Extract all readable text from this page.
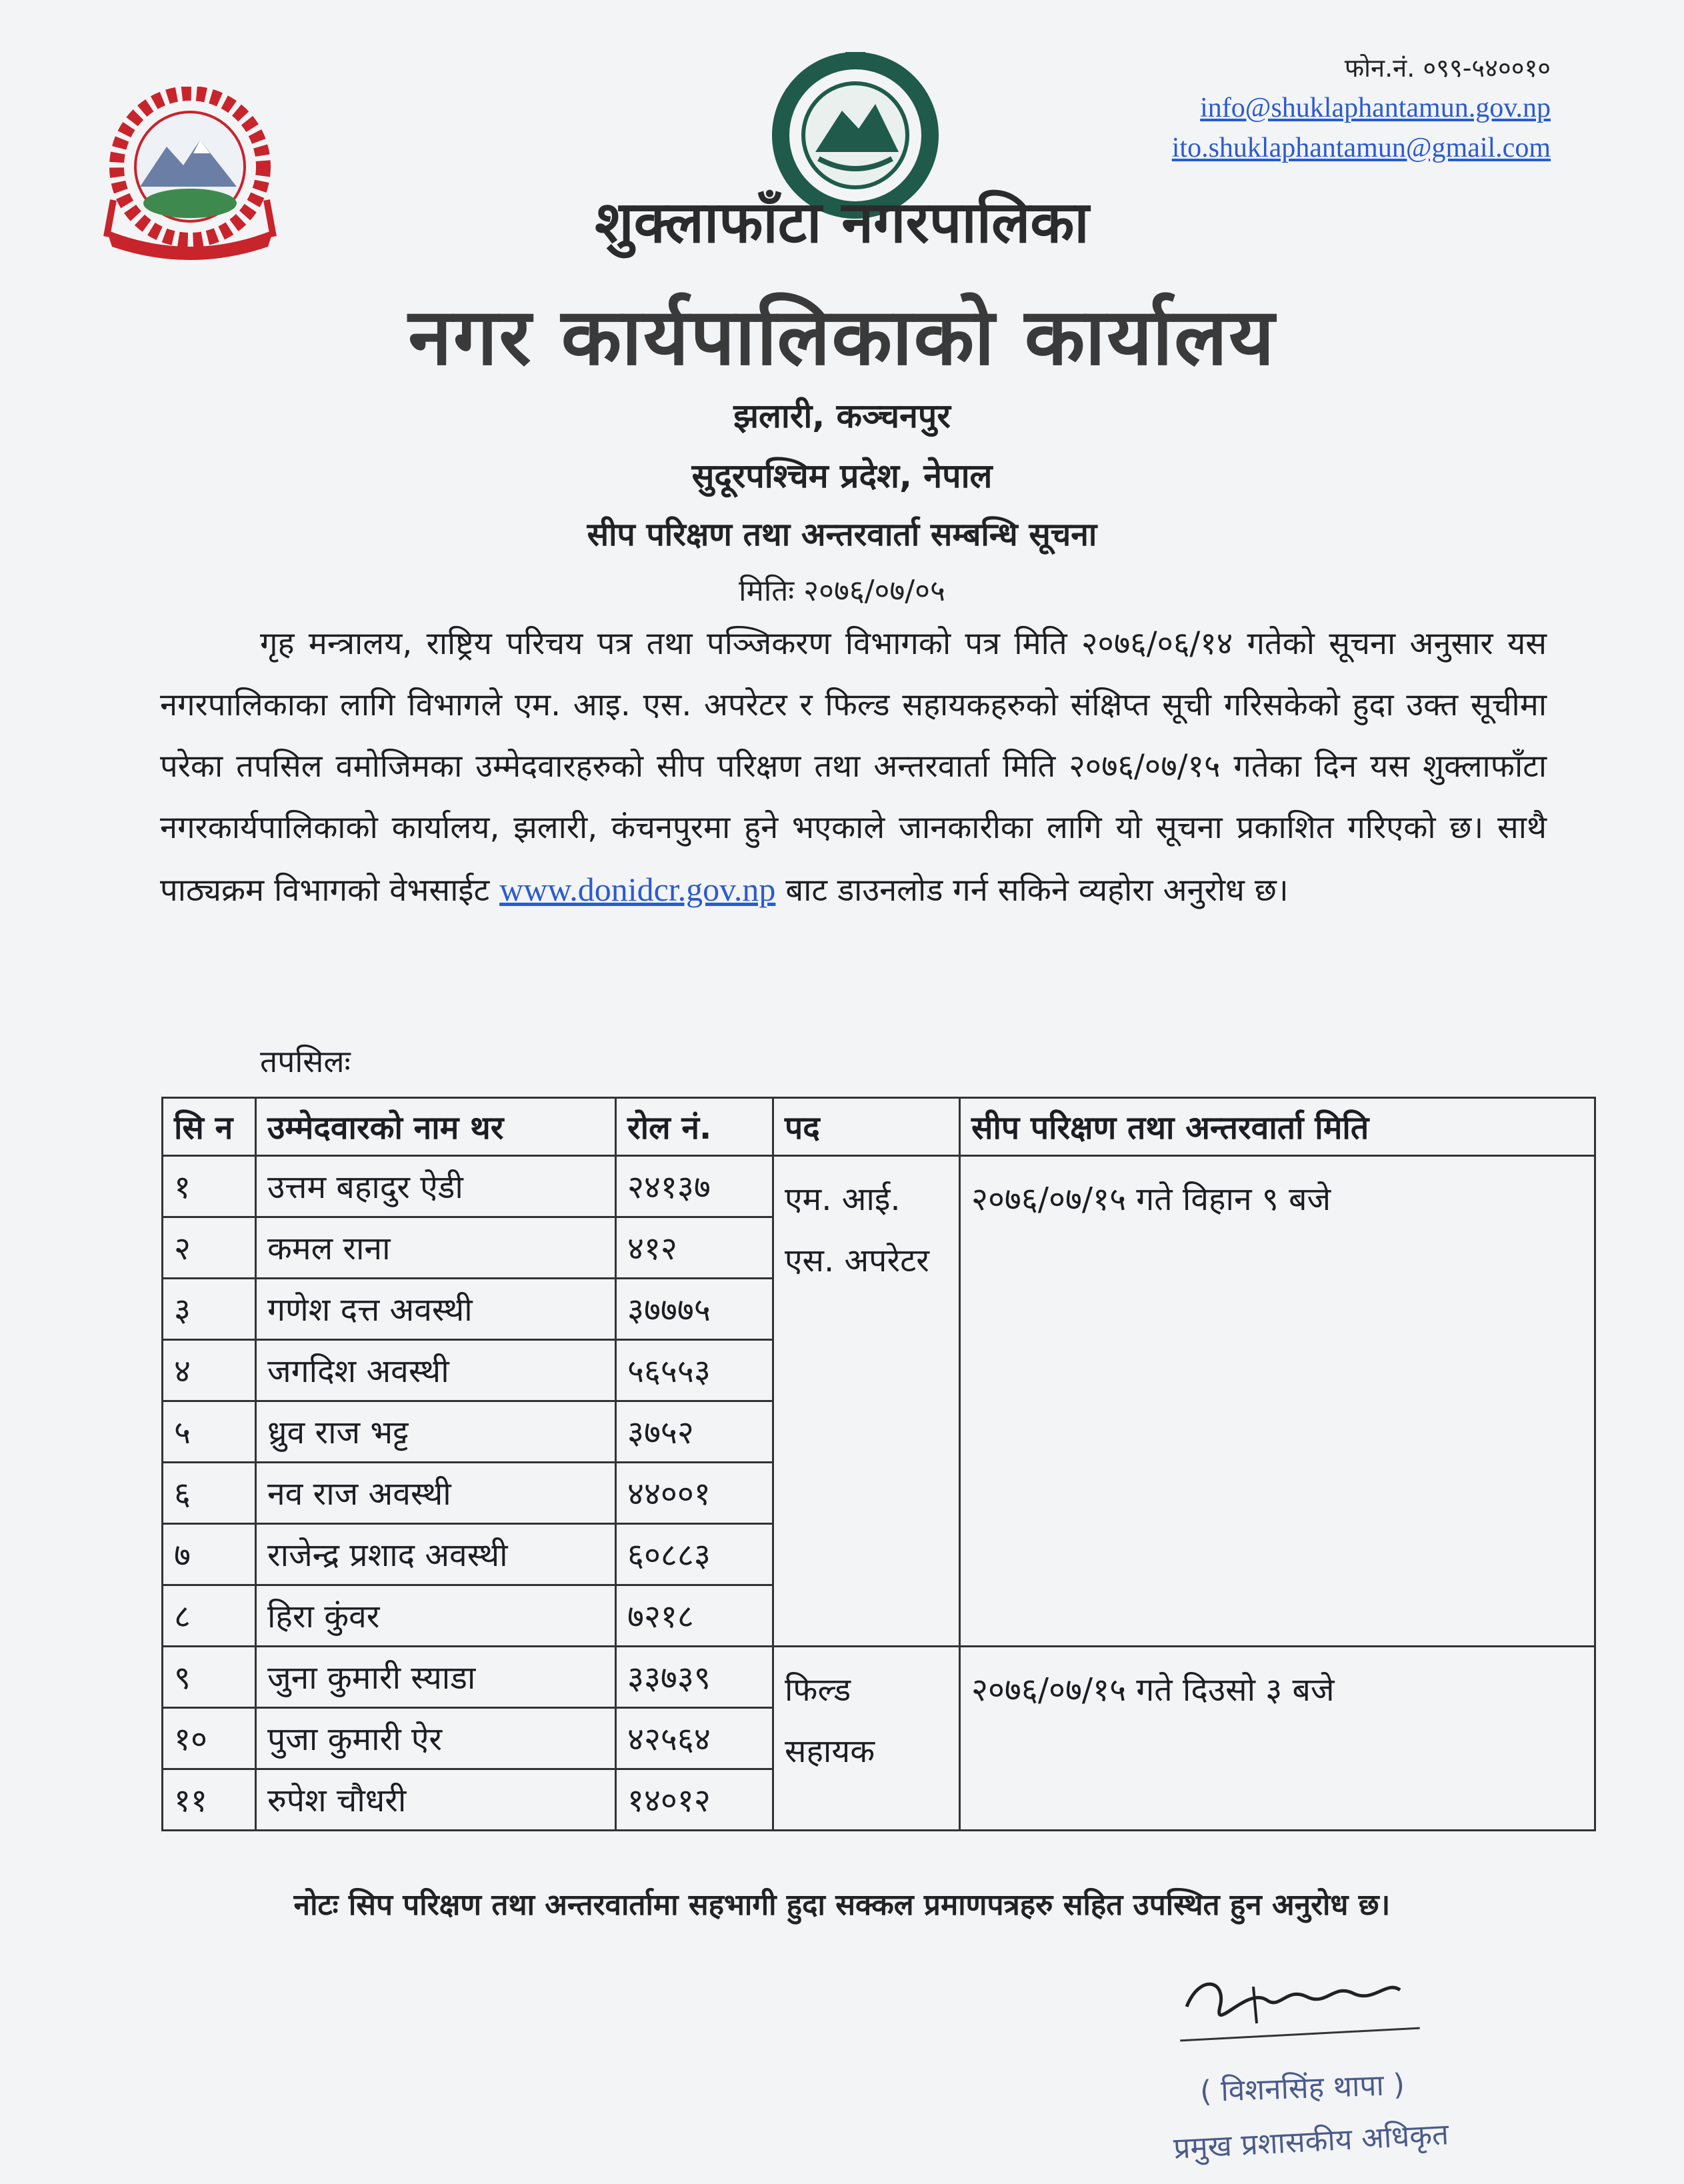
फोन.नं. ०९९-५४००१०
info@shuklaphantamun.gov.np
ito.shuklaphantamun@gmail.com
शुक्लाफाँटा नगरपालिका
नगर कार्यपालिकाको कार्यालय
झलारी, कञ्चनपुर
सुदूरपश्चिम प्रदेश, नेपाल
सीप परिक्षण तथा अन्तरवार्ता सम्बन्धि सूचना
मितिः २०७६/०७/०५
गृह मन्त्रालय, राष्ट्रिय परिचय पत्र तथा पञ्जिकरण विभागको पत्र मिति २०७६/०६/१४ गतेको सूचना अनुसार यस नगरपालिकाका लागि विभागले एम. आइ. एस. अपरेटर र फिल्ड सहायकहरुको संक्षिप्त सूची गरिसकेको हुदा उक्त सूचीमा परेका तपसिल वमोजिमका उम्मेदवारहरुको सीप परिक्षण तथा अन्तरवार्ता मिति २०७६/०७/१५ गतेका दिन यस शुक्लाफाँटा नगरकार्यपालिकाको कार्यालय, झलारी, कंचनपुरमा हुने भएकाले जानकारीका लागि यो सूचना प्रकाशित गरिएको छ। साथै पाठ्यक्रम विभागको वेभसाईट www.donidcr.gov.np बाट डाउनलोड गर्न सकिने व्यहोरा अनुरोध छ।
तपसिलः
सि न	उम्मेदवारको नाम थर	रोल नं.	पद	सीप परिक्षण तथा अन्तरवार्ता मिति
१	उत्तम बहादुर ऐडी	२४१३७	एम. आई. एस. अपरेटर	२०७६/०७/१५ गते विहान ९ बजे
२	कमल राना	४१२		
३	गणेश दत्त अवस्थी	३७७७५		
४	जगदिश अवस्थी	५६५५३		
५	ध्रुव राज भट्ट	३७५२		
६	नव राज अवस्थी	४४००१		
७	राजेन्द्र प्रशाद अवस्थी	६०८८३		
८	हिरा कुंवर	७२१८		
९	जुना कुमारी स्याडा	३३७३९	फिल्ड सहायक	२०७६/०७/१५ गते दिउसो ३ बजे
१०	पुजा कुमारी ऐर	४२५६४		
११	रुपेश चौधरी	१४०१२		
नोटः सिप परिक्षण तथा अन्तरवार्तामा सहभागी हुदा सक्कल प्रमाणपत्रहरु सहित उपस्थित हुन अनुरोध छ।
( विशनसिंह थापा )
प्रमुख प्रशासकीय अधिकृत
